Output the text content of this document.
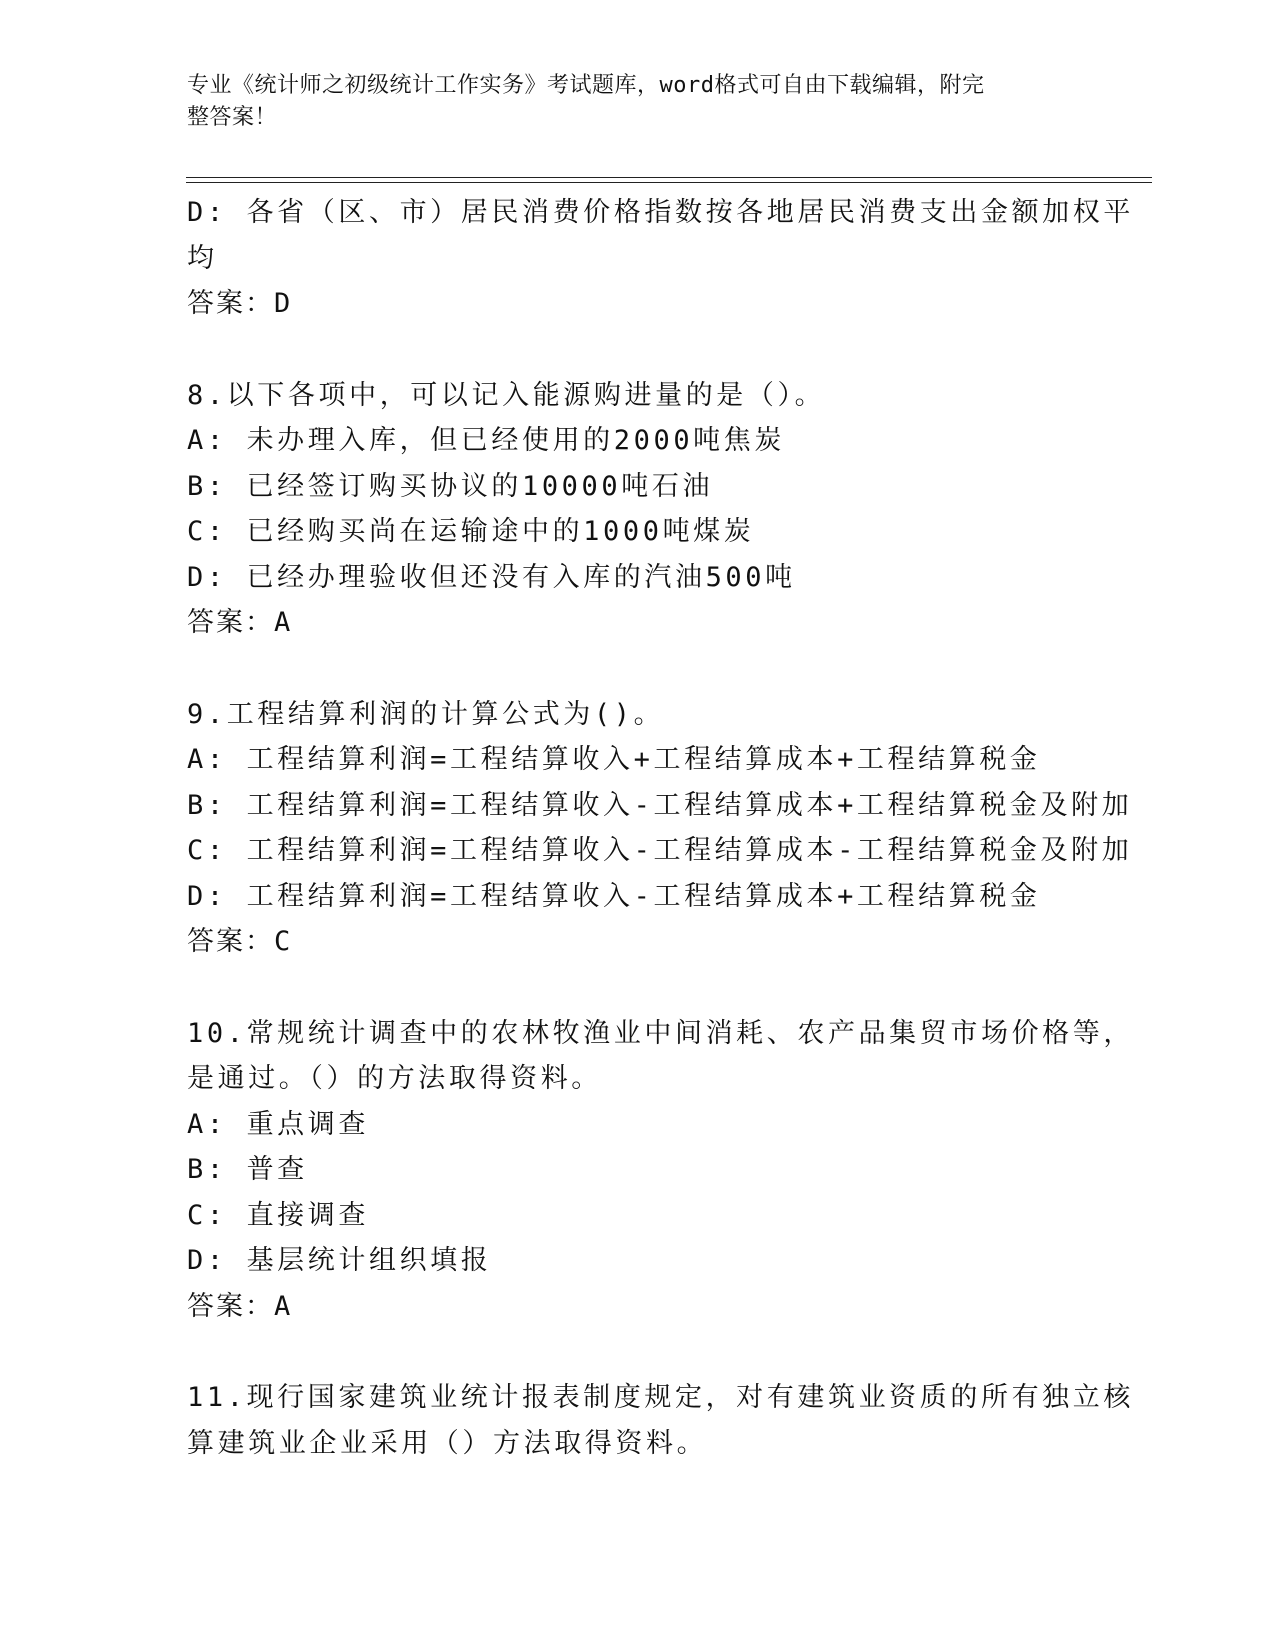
专业《统计师之初级统计工作实务》考试题库，word格式可自由下载编辑，附完
整答案！
D: 各省（区、市）居民消费价格指数按各地居民消费支出金额加权平
均
答案：D
8.以下各项中，可以记入能源购进量的是（）。
A: 未办理入库，但已经使用的2000吨焦炭
B: 已经签订购买协议的10000吨石油
C: 已经购买尚在运输途中的1000吨煤炭
D: 已经办理验收但还没有入库的汽油500吨
答案：A
9.工程结算利润的计算公式为()。
A: 工程结算利润=工程结算收入+工程结算成本+工程结算税金
B: 工程结算利润=工程结算收入-工程结算成本+工程结算税金及附加
C: 工程结算利润=工程结算收入-工程结算成本-工程结算税金及附加
D: 工程结算利润=工程结算收入-工程结算成本+工程结算税金
答案：C
10.常规统计调查中的农林牧渔业中间消耗、农产品集贸市场价格等，
是通过。（）的方法取得资料。
A: 重点调查
B: 普查
C: 直接调查
D: 基层统计组织填报
答案：A
11.现行国家建筑业统计报表制度规定，对有建筑业资质的所有独立核
算建筑业企业采用（）方法取得资料。
